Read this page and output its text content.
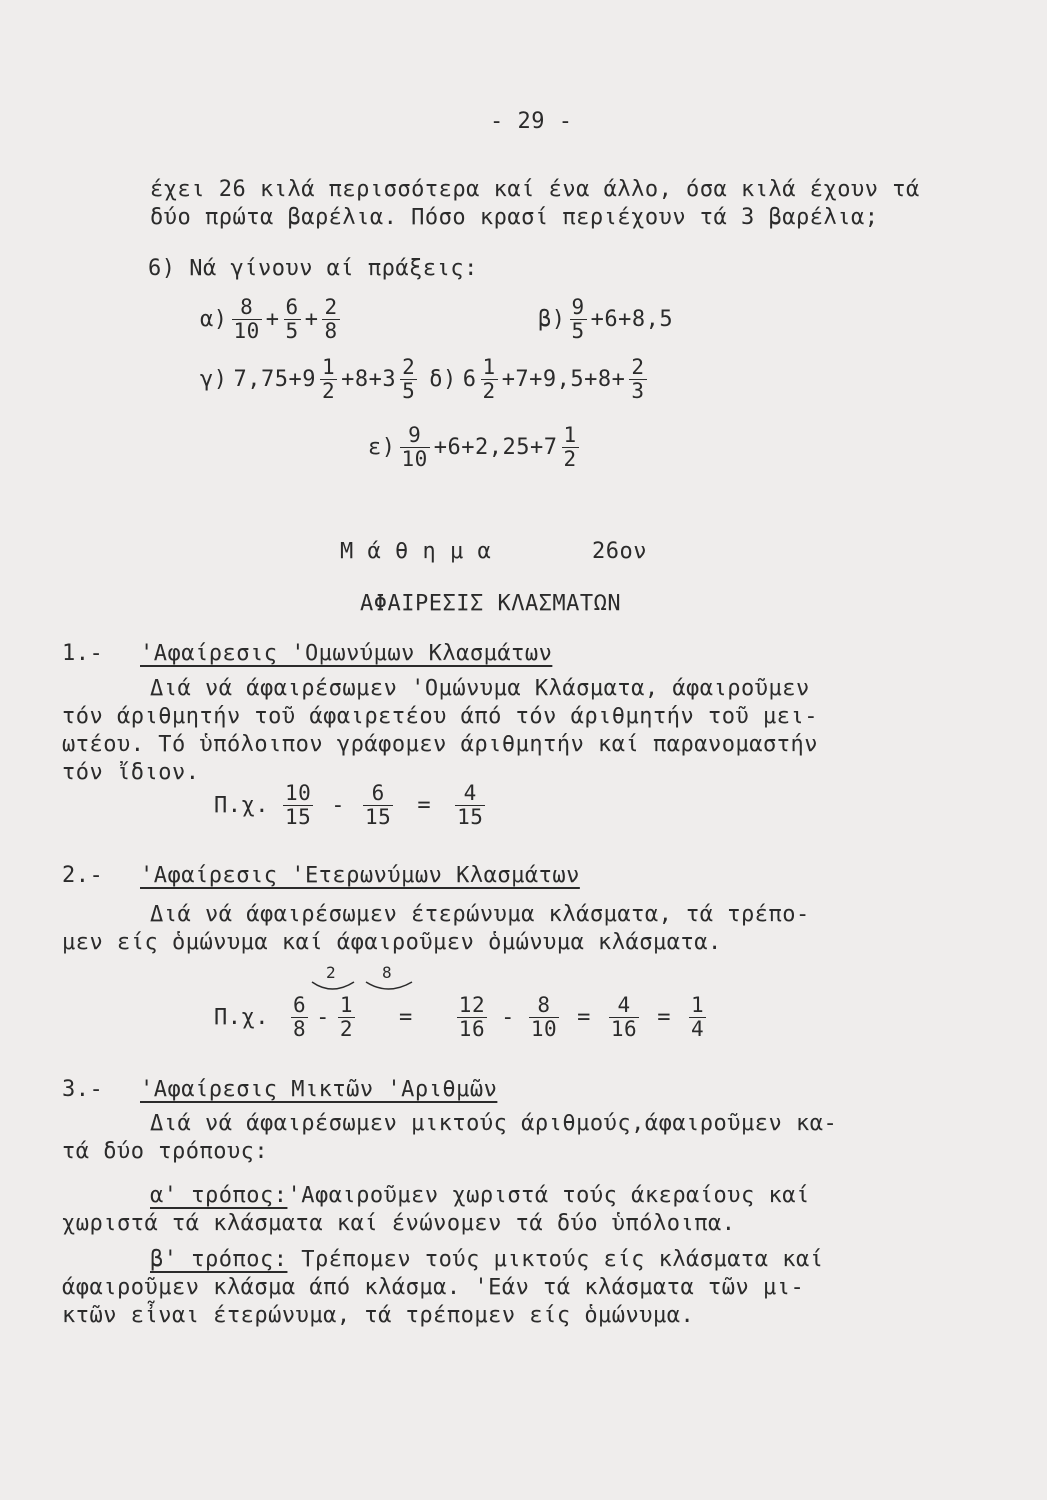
- 29 -
έχει 26 κιλά περισσότερα καί ένα άλλο, όσα κιλά έχουν τά
δύο πρώτα βαρέλια. Πόσο κρασί περιέχουν τά 3 βαρέλια;
6) Νά γίνουν αί πράξεις:
$\alpha) \frac{8}{10} + \frac{6}{5} + \frac{2}{8}$	$\beta) \frac{9}{5} +6+8,5$
γ) $7,75+9 \frac{1}{2} +8+3 \frac{2}{5} \delta$) $6 \frac{1}{2} +7+9,5+8+ \frac{2}{3}$
$\varepsilon) \frac{9}{10} +6+2,25+7 \frac{1}{2}$
Μ ά θ η μ α	26ον
ΑΦΑΙΡΕΣΙΣ ΚΛΑΣΜΑΤΩΝ
1.- 'Αφαίρεσις 'Ομωνύμων Κλασμάτων
Διά νά άφαιρέσωμεν 'Ομώνυμα Κλάσματα, άφαιροῦμεν
τόν άριθμητήν τοῦ άφαιρετέου άπό τόν άριθμητήν τοῦ μει-
ωτέου. Τό ὑπόλοιπον γράφομεν άριθμητήν καί παρανομαστήν
τόν ἴδιον.
Π.χ. $\frac{10}{15} - \frac{6}{15} = \frac{4}{15}$
2.- 'Αφαίρεσις 'Ετερωνύμων Κλασμάτων
Διά νά άφαιρέσωμεν έτερώνυμα κλάσματα, τά τρέπο-
μεν είς ὁμώνυμα καί άφαιροῦμεν ὁμώνυμα κλάσματα.
2	8
Π.χ. $\frac{6}{8} - \frac{1}{2} = \frac{12}{16} - \frac{8}{10} = \frac{4}{16} = \frac{1}{4}$
3.- 'Αφαίρεσις Μικτῶν 'Αριθμῶν
Διά νά άφαιρέσωμεν μικτούς άριθμούς,άφαιροῦμεν κα-
τά δύο τρόπους:
α' τρόπος:'Αφαιροῦμεν χωριστά τούς άκεραίους καί
χωριστά τά κλάσματα καί ένώνομεν τά δύο ὑπόλοιπα.
β' τρόπος: Τρέπομεν τούς μικτούς είς κλάσματα καί
άφαιροῦμεν κλάσμα άπό κλάσμα. 'Εάν τά κλάσματα τῶν μι-
κτῶν εἶναι έτερώνυμα, τά τρέπομεν είς ὁμώνυμα.
